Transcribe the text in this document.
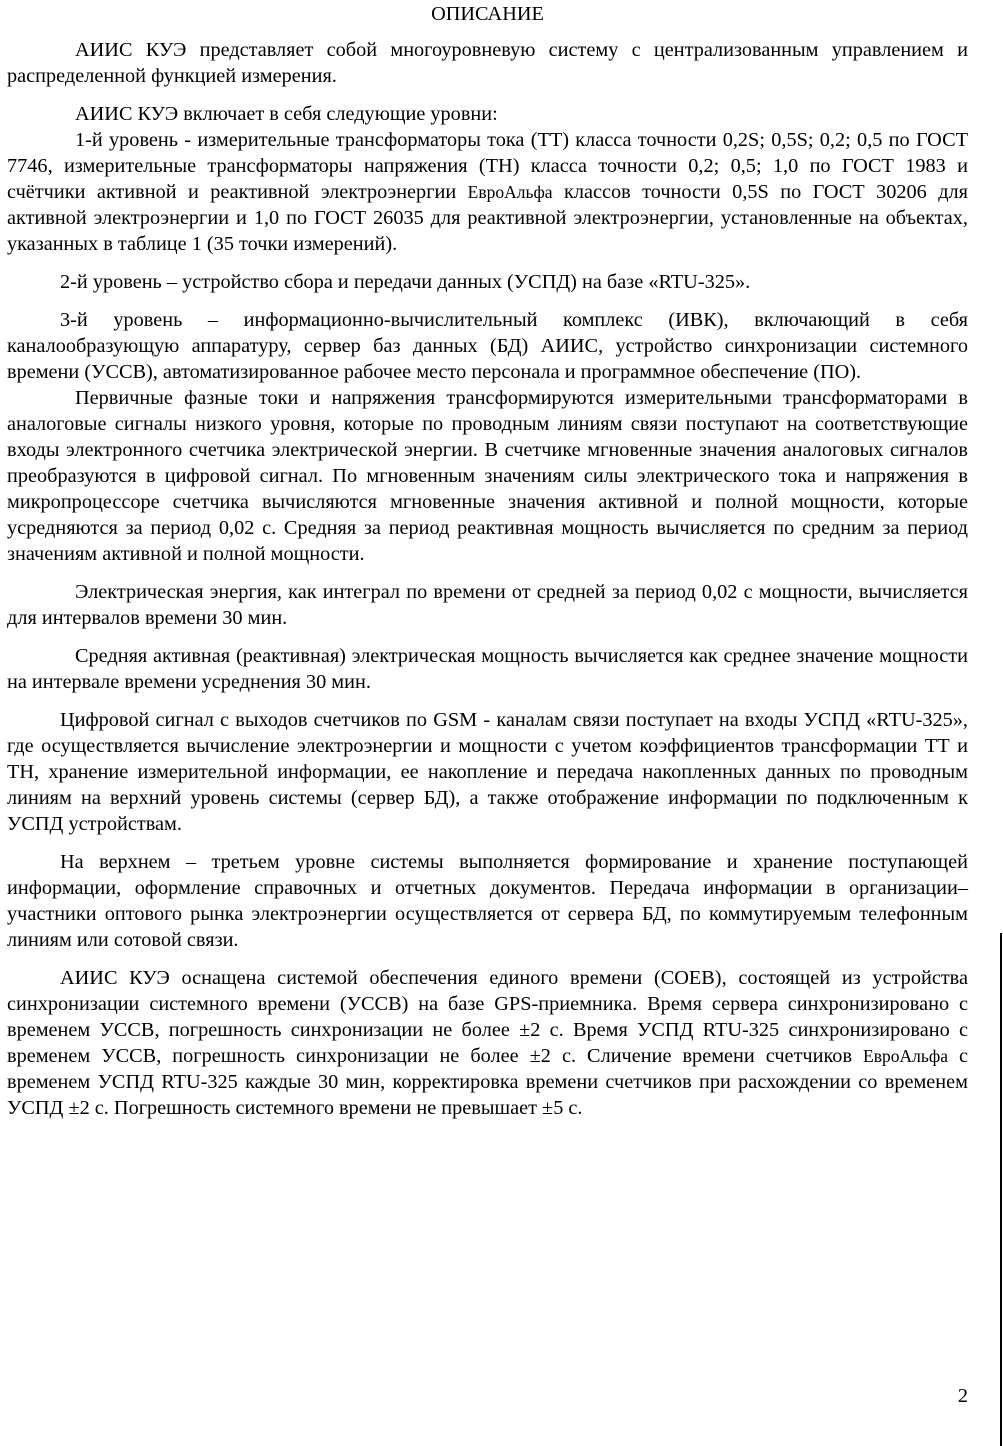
ОПИСАНИЕ

АИИС КУЭ представляет собой многоуровневую систему с централизованным управлением и распределенной функцией измерения.

АИИС КУЭ включает в себя следующие уровни:

1-й уровень - измерительные трансформаторы тока (ТТ) класса точности 0,2S; 0,5S; 0,2; 0,5 по ГОСТ 7746, измерительные трансформаторы напряжения (ТН) класса точности 0,2; 0,5; 1,0 по ГОСТ 1983 и счётчики активной и реактивной электроэнергии ЕвроАльфа классов точности 0,5S по ГОСТ 30206 для активной электроэнергии и 1,0 по ГОСТ 26035 для реактивной электроэнергии, установленные на объектах, указанных в таблице 1 (35 точки измерений).

2-й уровень – устройство сбора и передачи данных (УСПД) на базе «RTU-325».

3-й уровень – информационно-вычислительный комплекс (ИВК), включающий в себя каналообразующую аппаратуру, сервер баз данных (БД) АИИС, устройство синхронизации системного времени (УССВ), автоматизированное рабочее место персонала и программное обеспечение (ПО).

Первичные фазные токи и напряжения трансформируются измерительными трансформаторами в аналоговые сигналы низкого уровня, которые по проводным линиям связи поступают на соответствующие входы электронного счетчика электрической энергии. В счетчике мгновенные значения аналоговых сигналов преобразуются в цифровой сигнал. По мгновенным значениям силы электрического тока и напряжения в микропроцессоре счетчика вычисляются мгновенные значения активной и полной мощности, которые усредняются за период 0,02 с. Средняя за период реактивная мощность вычисляется по средним за период значениям активной и полной мощности.

Электрическая энергия, как интеграл по времени от средней за период 0,02 с мощности, вычисляется для интервалов времени 30 мин.

Средняя активная (реактивная) электрическая мощность вычисляется как среднее значение мощности на интервале времени усреднения 30 мин.

Цифровой сигнал с выходов счетчиков по GSM - каналам связи поступает на входы УСПД «RTU-325», где осуществляется вычисление электроэнергии и мощности с учетом коэффициентов трансформации ТТ и ТН, хранение измерительной информации, ее накопление и передача накопленных данных по проводным линиям на верхний уровень системы (сервер БД), а также отображение информации по подключенным к УСПД устройствам.

На верхнем – третьем уровне системы выполняется формирование и хранение поступающей информации, оформление справочных и отчетных документов. Передача информации в организации–участники оптового рынка электроэнергии осуществляется от сервера БД, по коммутируемым телефонным линиям или сотовой связи.

АИИС КУЭ оснащена системой обеспечения единого времени (СОЕВ), состоящей из устройства синхронизации системного времени (УССВ) на базе GPS-приемника. Время сервера синхронизировано с временем УССВ, погрешность синхронизации не более ±2 с. Время УСПД RTU-325 синхронизировано с временем УССВ, погрешность синхронизации не более ±2 с. Сличение времени счетчиков ЕвроАльфа с временем УСПД RTU-325 каждые 30 мин, корректировка времени счетчиков при расхождении со временем УСПД ±2 с. Погрешность системного времени не превышает ±5 с.

2
